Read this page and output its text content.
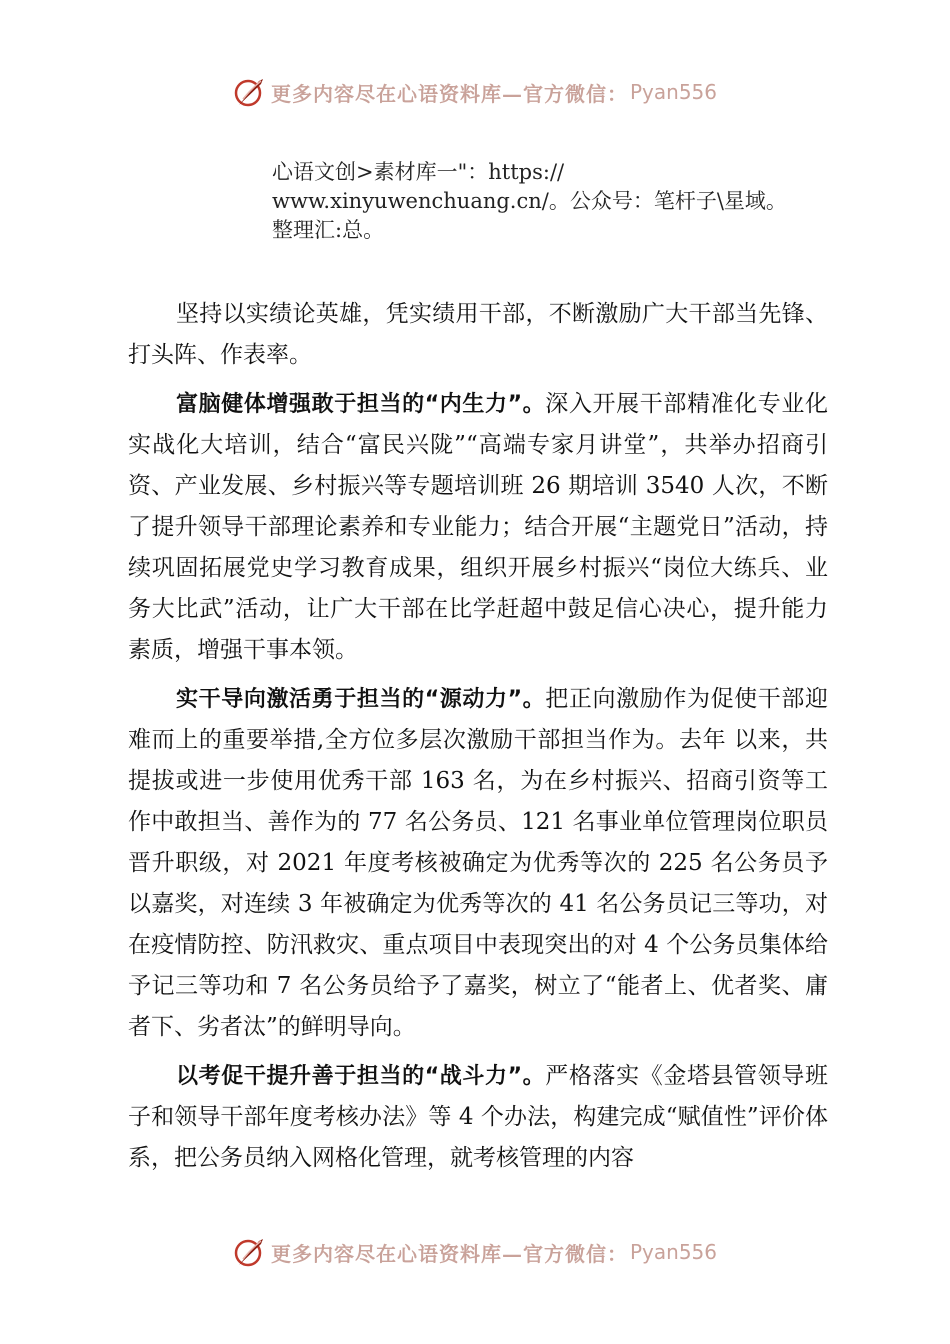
更多内容尽在心语资料库—官方微信： Pyan556
心语文创>素材库一"：https://
www.xinyuwenchuang.cn/。公众号：笔杆子\星域。
整理汇:总。

坚持以实绩论英雄，凭实绩用干部，不断激励广大干部当先锋、打头阵、作表率。

富脑健体增强敢于担当的“内生力”。深入开展干部精准化专业化实战化大培训，结合“富民兴陇”“高端专家月讲堂”，共举办招商引资、产业发展、乡村振兴等专题培训班 26 期培训 3540 人次，不断了提升领导干部理论素养和专业能力；结合开展“主题党日”活动，持续巩固拓展党史学习教育成果，组织开展乡村振兴“岗位大练兵、业务大比武”活动，让广大干部在比学赶超中鼓足信心决心，提升能力素质，增强干事本领。

实干导向激活勇于担当的“源动力”。把正向激励作为促使干部迎难而上的重要举措,全方位多层次激励干部担当作为。去年 以来，共提拔或进一步使用优秀干部 163 名，为在乡村振兴、招商引资等工作中敢担当、善作为的 77 名公务员、121 名事业单位管理岗位职员晋升职级，对 2021 年度考核被确定为优秀等次的 225 名公务员予以嘉奖，对连续 3 年被确定为优秀等次的 41 名公务员记三等功，对在疫情防控、防汛救灾、重点项目中表现突出的对 4 个公务员集体给予记三等功和 7 名公务员给予了嘉奖，树立了“能者上、优者奖、庸者下、劣者汰”的鲜明导向。

以考促干提升善于担当的“战斗力”。严格落实《金塔县管领导班子和领导干部年度考核办法》等 4 个办法，构建完成“赋值性”评价体系，把公务员纳入网格化管理，就考核管理的内容

更多内容尽在心语资料库—官方微信： Pyan556
